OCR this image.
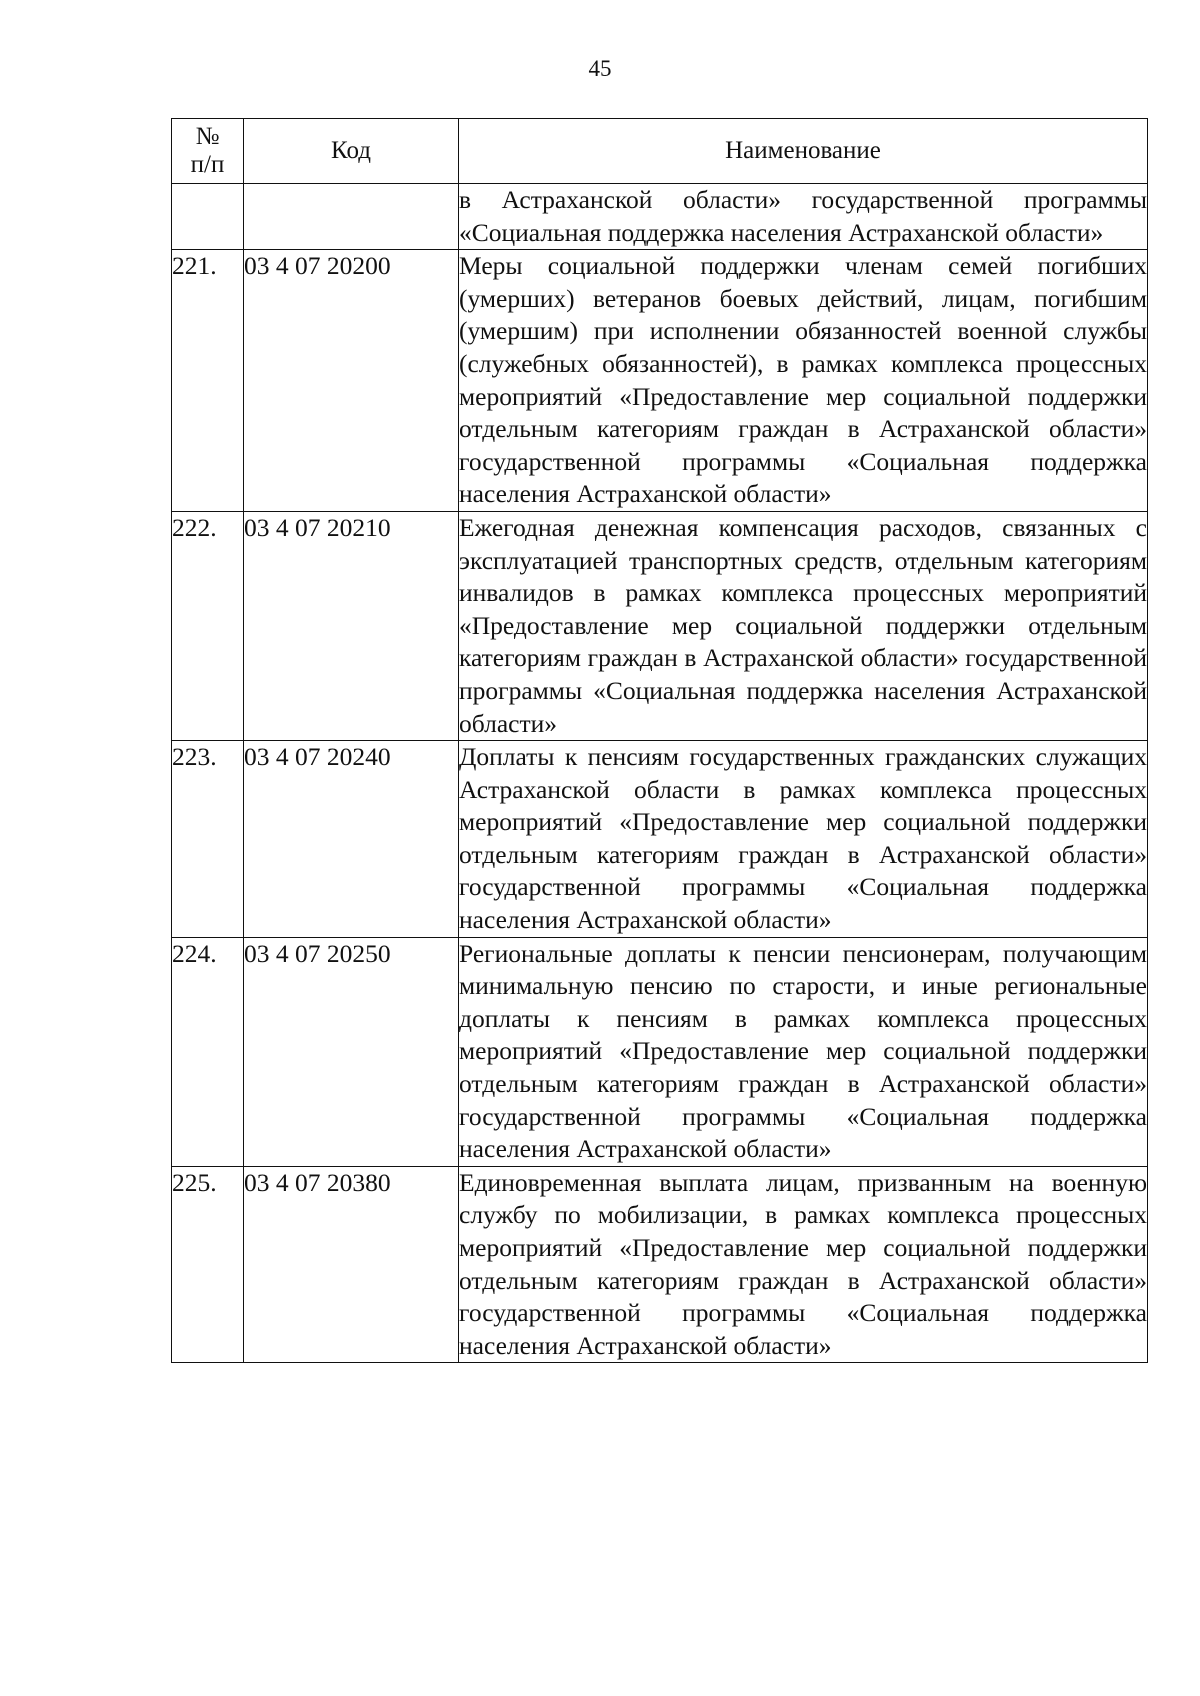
45
№
п/п	Код	Наименование
		в Астраханской области» государственной программы «Социальная поддержка населения Астраханской области»
221.	03 4 07 20200	Меры социальной поддержки членам семей погибших (умерших) ветеранов боевых действий, лицам, погибшим (умершим) при исполнении обязанностей военной службы (служебных обязанностей), в рамках комплекса процессных мероприятий «Предоставление мер социальной поддержки отдельным категориям граждан в Астраханской области» государственной программы «Социальная поддержка населения Астраханской области»
222.	03 4 07 20210	Ежегодная денежная компенсация расходов, связанных с эксплуатацией транспортных средств, отдельным категориям инвалидов в рамках комплекса процессных мероприятий «Предоставление мер социальной поддержки отдельным категориям граждан в Астраханской области» государственной программы «Социальная поддержка населения Астраханской области»
223.	03 4 07 20240	Доплаты к пенсиям государственных гражданских служащих Астраханской области в рамках комплекса процессных мероприятий «Предоставление мер социальной поддержки отдельным категориям граждан в Астраханской области» государственной программы «Социальная поддержка населения Астраханской области»
224.	03 4 07 20250	Региональные доплаты к пенсии пенсионерам, получающим минимальную пенсию по старости, и иные региональные доплаты к пенсиям в рамках комплекса процессных мероприятий «Предоставление мер социальной поддержки отдельным категориям граждан в Астраханской области» государственной программы «Социальная поддержка населения Астраханской области»
225.	03 4 07 20380	Единовременная выплата лицам, призванным на военную службу по мобилизации, в рамках комплекса процессных мероприятий «Предоставление мер социальной поддержки отдельным категориям граждан в Астраханской области» государственной программы «Социальная поддержка населения Астраханской области»
